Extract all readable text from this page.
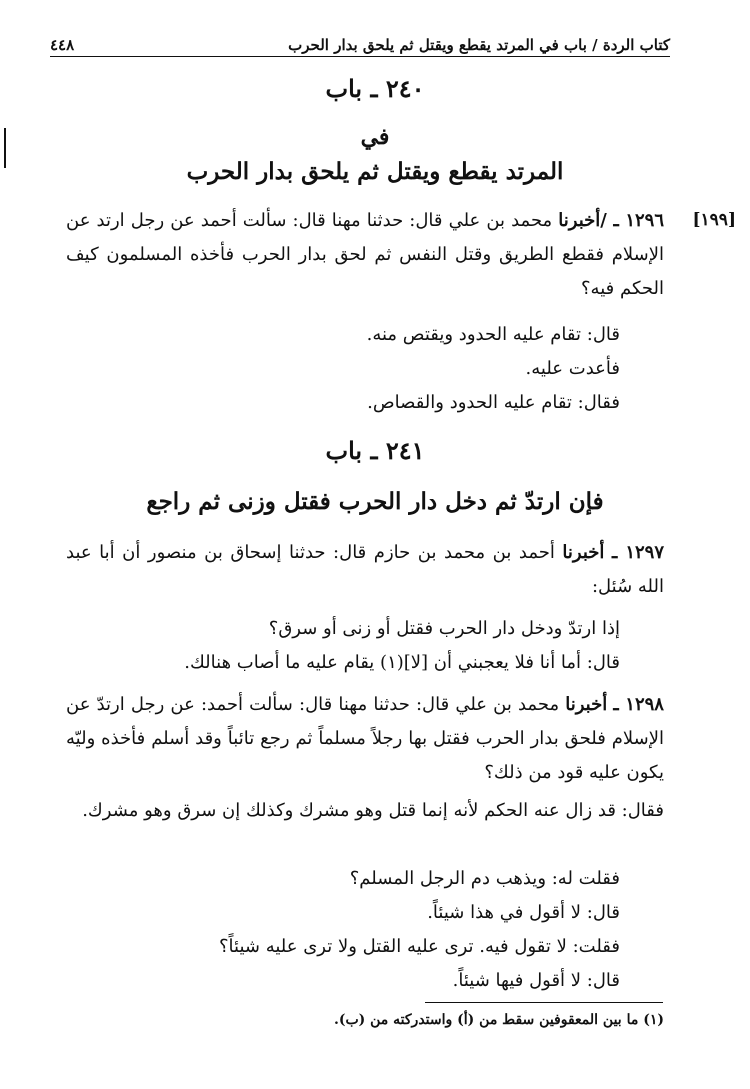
كتاب الردة / باب في المرتد يقطع ويقتل ثم يلحق بدار الحرب
٤٤٨
٢٤٠ ـ باب
في
المرتد يقطع ويقتل ثم يلحق بدار الحرب
[١٩٩]
١٢٩٦ ـ /أخبرنا محمد بن علي قال: حدثنا مهنا قال: سألت أحمد عن رجل ارتد عن الإسلام فقطع الطريق وقتل النفس ثم لحق بدار الحرب فأخذه المسلمون كيف الحكم فيه؟
قال: تقام عليه الحدود ويقتص منه.
فأعدت عليه.
فقال: تقام عليه الحدود والقصاص.
٢٤١ ـ باب
فإن ارتدّ ثم دخل دار الحرب فقتل وزنى ثم راجع
١٢٩٧ ـ أخبرنا أحمد بن محمد بن حازم قال: حدثنا إسحاق بن منصور أن أبا عبد الله سُئل:
إذا ارتدّ ودخل دار الحرب فقتل أو زنى أو سرق؟
قال: أما أنا فلا يعجبني أن [لا](١) يقام عليه ما أصاب هنالك.
١٢٩٨ ـ أخبرنا محمد بن علي قال: حدثنا مهنا قال: سألت أحمد: عن رجل ارتدّ عن الإسلام فلحق بدار الحرب فقتل بها رجلاً مسلماً ثم رجع تائباً وقد أسلم فأخذه وليّه يكون عليه قود من ذلك؟
فقال: قد زال عنه الحكم لأنه إنما قتل وهو مشرك وكذلك إن سرق وهو مشرك.
فقلت له: ويذهب دم الرجل المسلم؟
قال: لا أقول في هذا شيئاً.
فقلت: لا تقول فيه. ترى عليه القتل ولا ترى عليه شيئاً؟
قال: لا أقول فيها شيئاً.
(١) ما بين المعقوفين سقط من (أ) واستدركته من (ب).
